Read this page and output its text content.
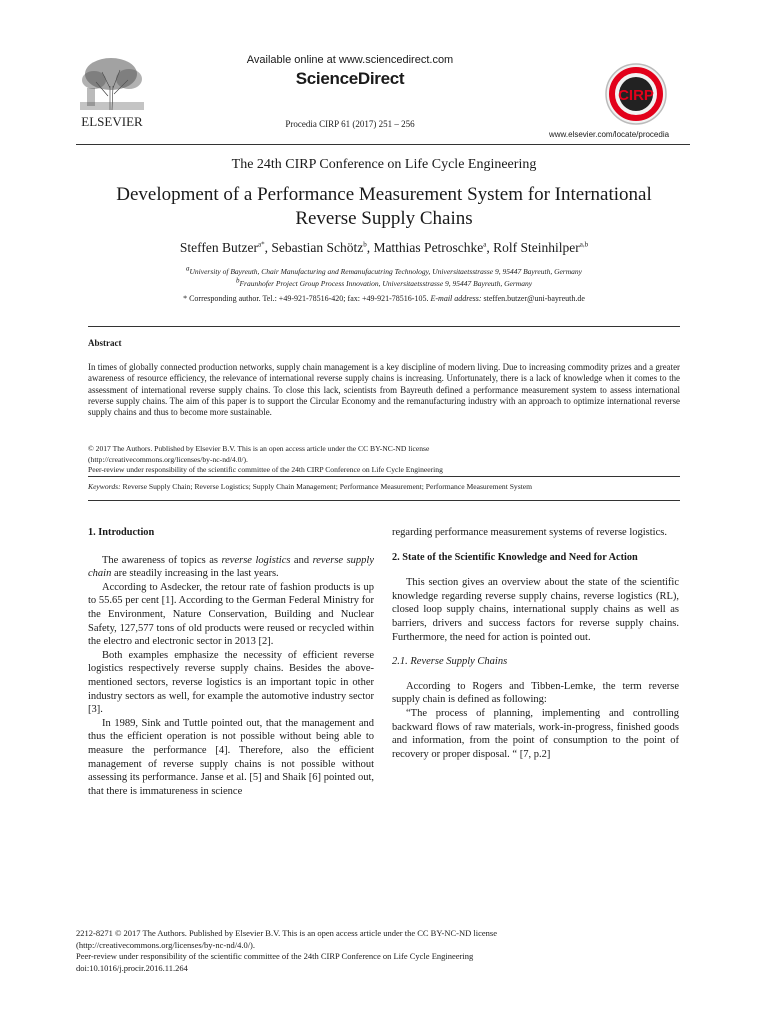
ELSEVIER
Available online at www.sciencedirect.com
ScienceDirect
Procedia CIRP 61 (2017) 251 – 256
CIRP
www.elsevier.com/locate/procedia
The 24th CIRP Conference on Life Cycle Engineering
Development of a Performance Measurement System for International
Reverse Supply Chains
Steffen Butzer$^{a*}$, Sebastian Schötz$^b$, Matthias Petroschke$^a$, Rolf Steinhilper$^{a,b}$
$^a$University of Bayreuth, Chair Manufacturing and Remanufacutring Technology, Universitaetsstrasse 9, 95447 Bayreuth, Germany
$^b$Fraunhofer Project Group Process Innovation, Universitaetsstrasse 9, 95447 Bayreuth, Germany
* Corresponding author. Tel.: +49-921-78516-420; fax: +49-921-78516-105. E-mail address: steffen.butzer@uni-bayreuth.de
Abstract
In times of globally connected production networks, supply chain management is a key discipline of modern living. Due to increasing commodity prizes and a greater awareness of resource efficiency, the relevance of international reverse supply chains is increasing. Unfortunately, there is a lack of knowledge when it comes to the assessment of international reverse supply chains. To close this lack, scientists from Bayreuth defined a performance measurement system to assess international reverse supply chains. The aim of this paper is to support the Circular Economy and the remanufacturing industry with an approach to optimize international reverse supply chains and thus to become more sustainable.
© 2017 The Authors. Published by Elsevier B.V. This is an open access article under the CC BY-NC-ND license
(http://creativecommons.org/licenses/by-nc-nd/4.0/).
Peer-review under responsibility of the scientific committee of the 24th CIRP Conference on Life Cycle Engineering
Keywords: Reverse Supply Chain; Reverse Logistics; Supply Chain Management; Performance Measurement; Performance Measurement System

1. Introduction

The awareness of topics as reverse logistics and reverse supply chain are steadily increasing in the last years.

According to Asdecker, the retour rate of fashion products is up to 55.65 per cent [1]. According to the German Federal Ministry for the Environment, Nature Conservation, Building and Nuclear Safety, 127,577 tons of old products were reused or recycled within the electro and electronic sector in 2013 [2].

Both examples emphasize the necessity of efficient reverse logistics respectively reverse supply chains. Besides the above-mentioned sectors, reverse logistics is an important topic in other industry sectors as well, for example the automotive industry sector [3].

In 1989, Sink and Tuttle pointed out, that the management and thus the efficient operation is not possible without being able to measure the performance [4]. Therefore, also the efficient management of reverse supply chains is not possible without assessing its performance. Janse et al. [5] and Shaik [6] pointed out, that there is immatureness in science

regarding performance measurement systems of reverse logistics.

2. State of the Scientific Knowledge and Need for Action

This section gives an overview about the state of the scientific knowledge regarding reverse supply chains, reverse logistics (RL), closed loop supply chains, international supply chains as well as barriers, drivers and success factors for reverse supply chains. Furthermore, the need for action is pointed out.

2.1. Reverse Supply Chains

According to Rogers and Tibben-Lemke, the term reverse supply chain is defined as following:

“The process of planning, implementing and controlling backward flows of raw materials, work-in-progress, finished goods and information, from the point of consumption to the point of recovery or proper disposal. “ [7, p.2]

2212-8271 © 2017 The Authors. Published by Elsevier B.V. This is an open access article under the CC BY-NC-ND license
(http://creativecommons.org/licenses/by-nc-nd/4.0/).
Peer-review under responsibility of the scientific committee of the 24th CIRP Conference on Life Cycle Engineering
doi:10.1016/j.procir.2016.11.264
